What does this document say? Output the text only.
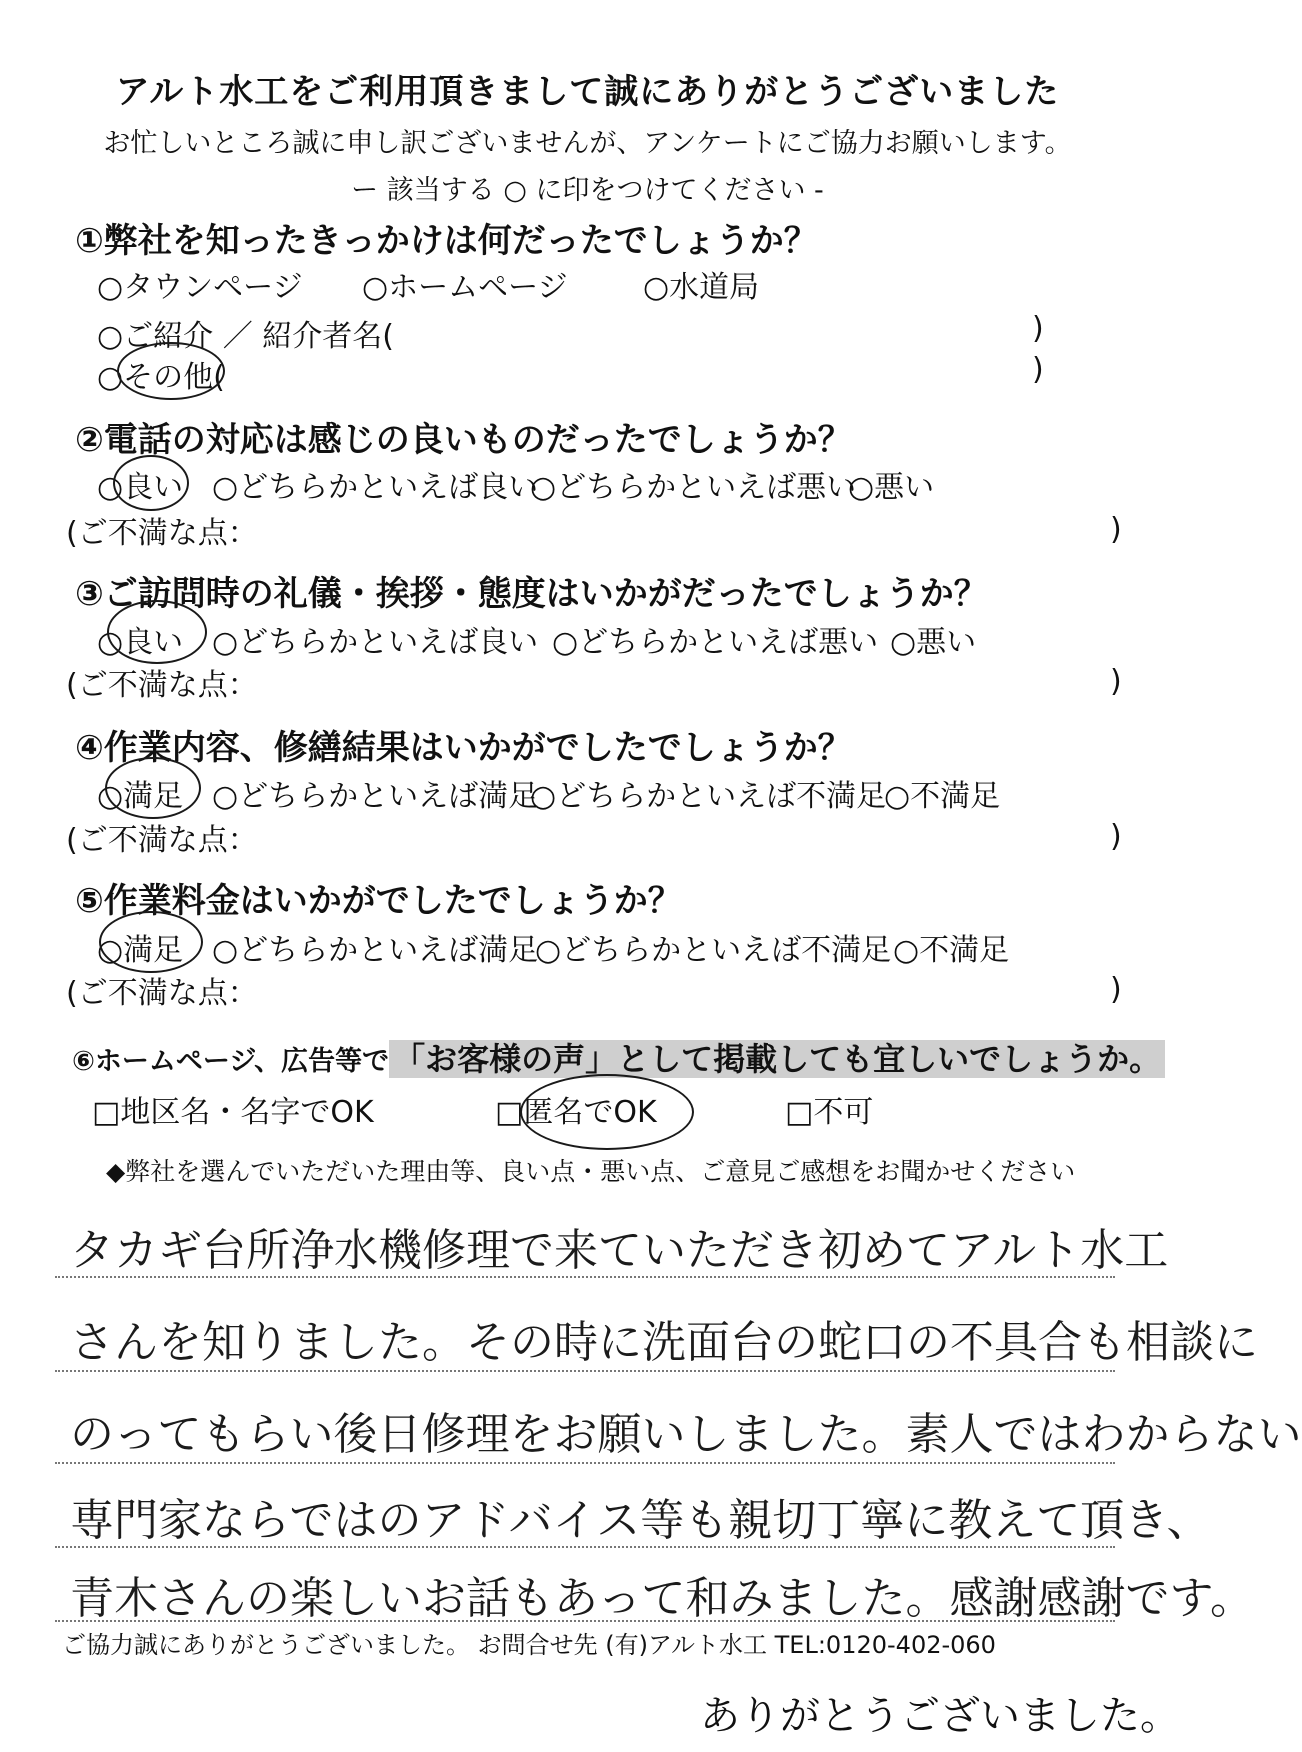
アルト水工をご利用頂きまして誠にありがとうございました
お忙しいところ誠に申し訳ございませんが、アンケートにご協力お願いします。
ー 該当する ○ に印をつけてください -
①弊社を知ったきっかけは何だったでしょうか？
○タウンページ ○ホームページ	○水道局
○ご紹介 ／ 紹介者名(	)
○その他(	)
②電話の対応は感じの良いものだったでしょうか？
○良い ○どちらかといえば良い
○どちらかといえば悪い
○悪い
(ご不満な点：	)
③ご訪問時の礼儀・挨拶・態度はいかがだったでしょうか？
○良い ○どちらかといえば良い ○どちらかといえば悪い ○悪い
(ご不満な点：	)
④作業内容、修繕結果はいかがでしたでしょうか？
○満足 ○どちらかといえば満足
○どちらかといえば不満足
○不満足
(ご不満な点：	)
⑤作業料金はいかがでしたでしょうか？
○満足 ○どちらかといえば満足
○どちらかといえば不満足 ○不満足
(ご不満な点：	)
⑥ホームページ、広告等で 「お客様の声」として掲載しても宜しいでしょうか。
□地区名・名字でOK	□匿名でOK	□不可
◆弊社を選んでいただいた理由等、良い点・悪い点、ご意見ご感想をお聞かせください
タカギ台所浄水機修理で来ていただき初めてアルト水工
さんを知りました。その時に洗面台の蛇口の不具合も相談に
のってもらい後日修理をお願いしました。素人ではわからない
専門家ならではのアドバイス等も親切丁寧に教えて頂き、
青木さんの楽しいお話もあって和みました。感謝感謝です。
ご協力誠にありがとうございました。 お問合せ先 (有)アルト水工 TEL:0120-402-060
ありがとうございました。
